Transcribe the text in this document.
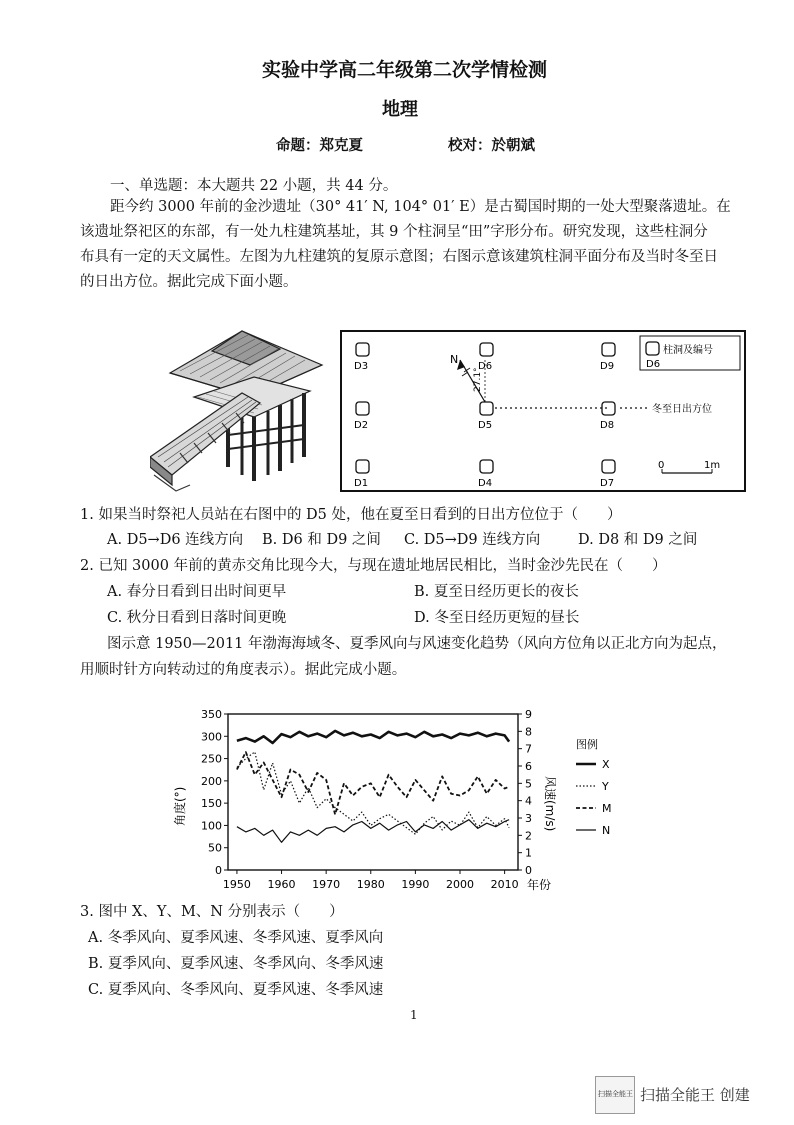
实验中学高二年级第二次学情检测
地理
命题：郑克夏	校对：於朝斌
一、单选题：本大题共 22 小题，共 44 分。
距今约 3000 年前的金沙遗址（30° 41′ N, 104° 01′ E）是古蜀国时期的一处大型聚落遗址。在
该遗址祭祀区的东部，有一处九柱建筑基址，其 9 个柱洞呈“田”字形分布。研究发现，这些柱洞分
布具有一定的天文属性。左图为九柱建筑的复原示意图；右图示意该建筑柱洞平面分布及当时冬至日
的日出方位。据此完成下面小题。
N
27.1°
D3	D6	D9
D2	D5	D8
D1	D4	D7
冬至日出方位
柱洞及编号
D6
0	1m
1. 如果当时祭祀人员站在右图中的 D5 处，他在夏至日看到的日出方位位于（　　）
A. D5→D6 连线方向 B. D6 和 D9 之间 C. D5→D9 连线方向	D. D8 和 D9 之间
2. 已知 3000 年前的黄赤交角比现今大，与现在遗址地居民相比，当时金沙先民在（　　）
A. 春分日看到日出时间更早	B. 夏至日经历更长的夜长
C. 秋分日看到日落时间更晚	D. 冬至日经历更短的昼长
图示意 1950—2011 年渤海海域冬、夏季风向与风速变化趋势（风向方位角以正北方向为起点，
用顺时针方向转动过的角度表示）。据此完成小题。
350
300
250
200
150
100
50
0
9
8
7
6
5
4
3
2
1
0
1950 1960 1970 1980 1990 2000 2010
角度(°)	风速(m/s)
年份
图例
X
Y
M
N
3. 图中 X、Y、M、N 分别表示（　　）
A. 冬季风向、夏季风速、冬季风速、夏季风向
B. 夏季风向、夏季风速、冬季风向、冬季风速
C. 夏季风向、冬季风向、夏季风速、冬季风速
1
扫描全能王 扫描全能王 创建
